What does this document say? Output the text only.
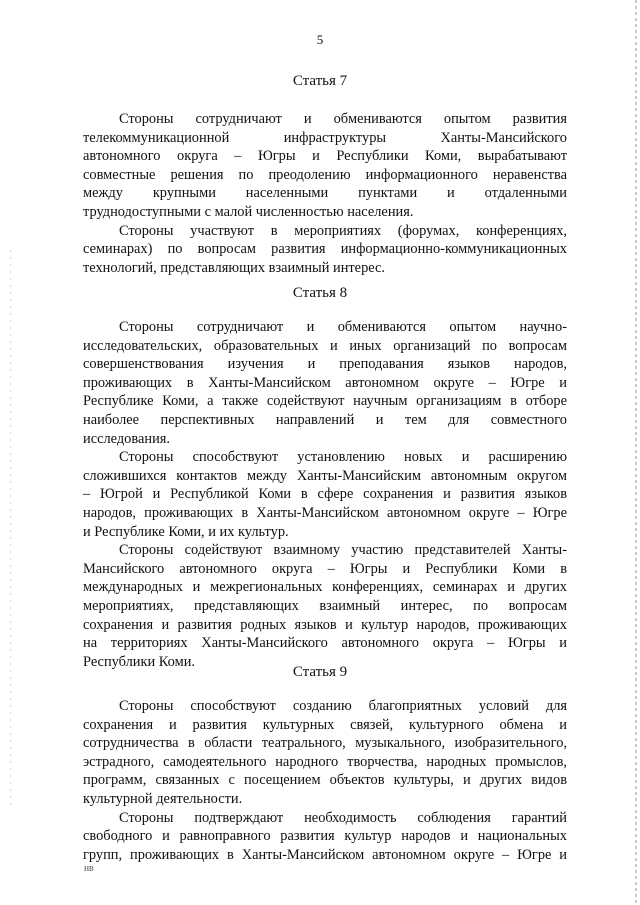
5
Статья 7
Стороны сотрудничают и обмениваются опытом развития
телекоммуникационной инфраструктуры Ханты-Мансийского
автономного округа – Югры и Республики Коми, вырабатывают
совместные решения по преодолению информационного неравенства
между крупными населенными пунктами и отдаленными
труднодоступными с малой численностью населения.
Стороны участвуют в мероприятиях (форумах, конференциях,
семинарах) по вопросам развития информационно-коммуникационных
технологий, представляющих взаимный интерес.
Статья 8
Стороны сотрудничают и обмениваются опытом научно-
исследовательских, образовательных и иных организаций по вопросам
совершенствования изучения и преподавания языков народов,
проживающих в Ханты-Мансийском автономном округе – Югре и
Республике Коми, а также содействуют научным организациям в отборе
наиболее перспективных направлений и тем для совместного
исследования.
Стороны способствуют установлению новых и расширению
сложившихся контактов между Ханты-Мансийским автономным округом
– Югрой и Республикой Коми в сфере сохранения и развития языков
народов, проживающих в Ханты-Мансийском автономном округе – Югре
и Республике Коми, и их культур.
Стороны содействуют взаимному участию представителей Ханты-
Мансийского автономного округа – Югры и Республики Коми в
международных и межрегиональных конференциях, семинарах и других
мероприятиях, представляющих взаимный интерес, по вопросам
сохранения и развития родных языков и культур народов, проживающих
на территориях Ханты-Мансийского автономного округа – Югры и
Республики Коми.
Статья 9
Стороны способствуют созданию благоприятных условий для
сохранения и развития культурных связей, культурного обмена и
сотрудничества в области театрального, музыкального, изобразительного,
эстрадного, самодеятельного народного творчества, народных промыслов,
программ, связанных с посещением объектов культуры, и других видов
культурной деятельности.
Стороны подтверждают необходимость соблюдения гарантий
свободного и равноправного развития культур народов и национальных
групп, проживающих в Ханты-Мансийском автономном округе – Югре и
НВ
